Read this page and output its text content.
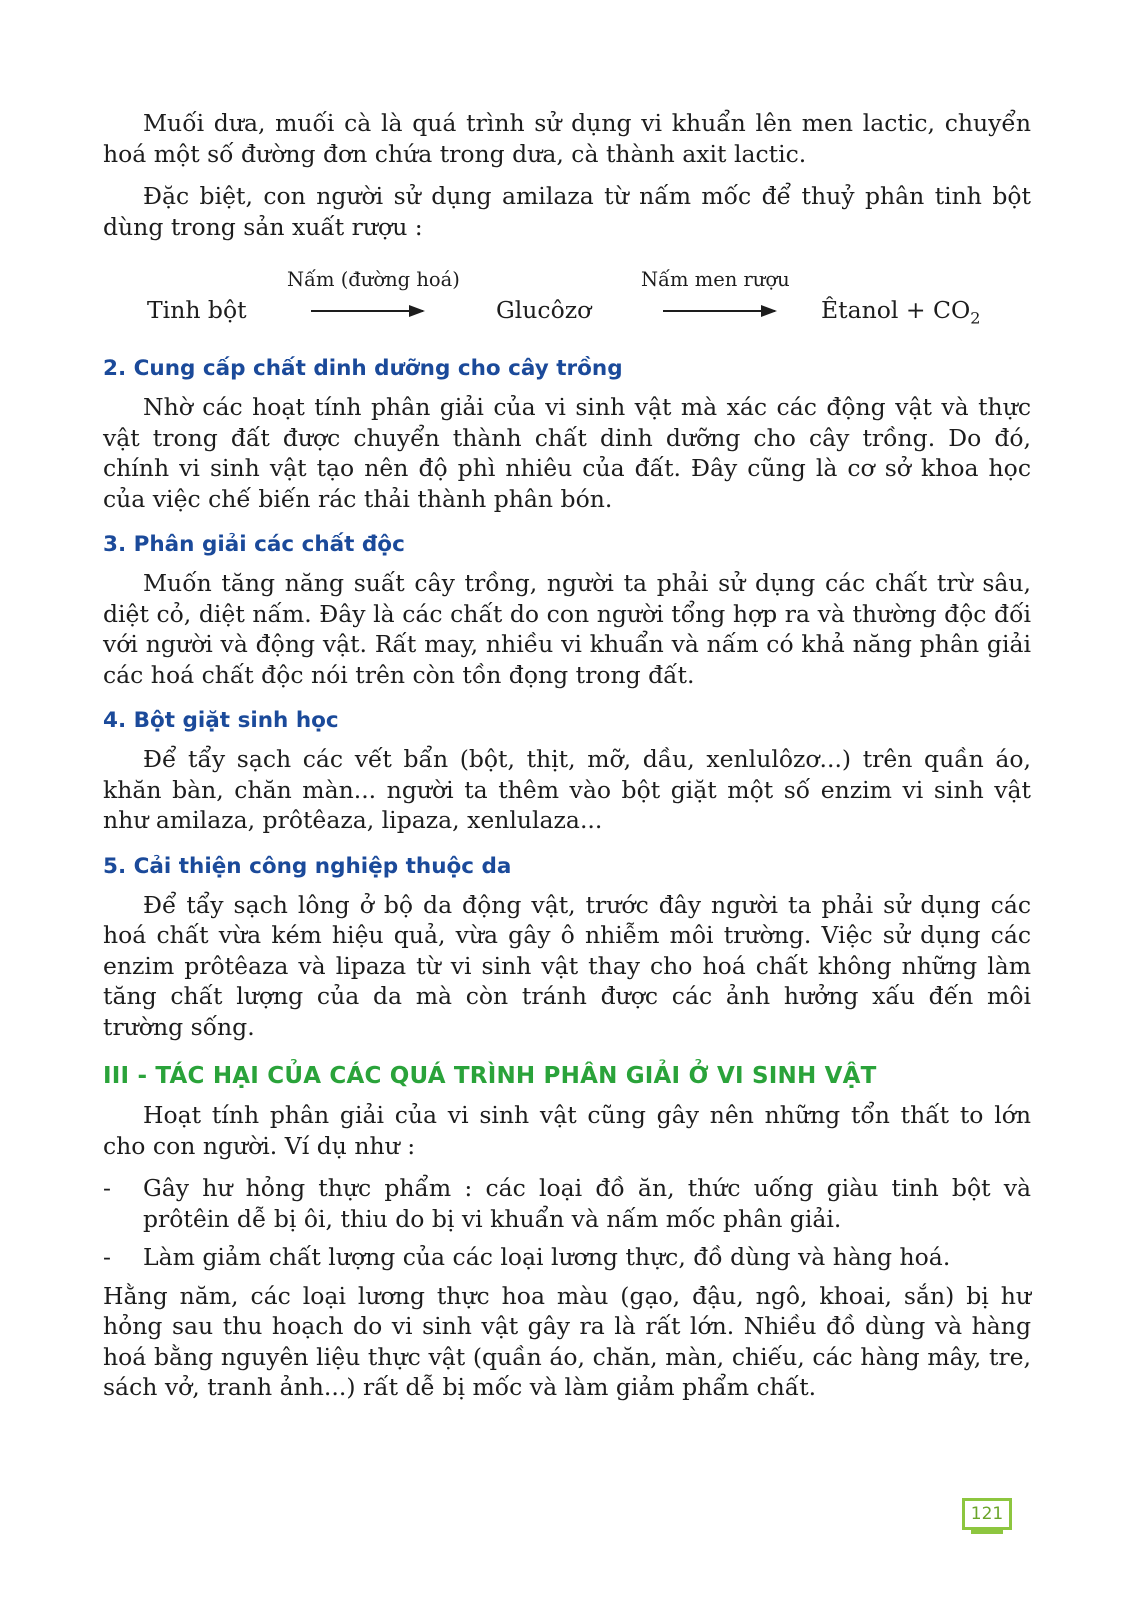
Muối dưa, muối cà là quá trình sử dụng vi khuẩn lên men lactic, chuyển hoá một số đường đơn chứa trong dưa, cà thành axit lactic.

Đặc biệt, con người sử dụng amilaza từ nấm mốc để thuỷ phân tinh bột dùng trong sản xuất rượu :

Tinh bột
Nấm (đường hoá)
Glucôzơ
Nấm men rượu
Êtanol + $CO_2$
2. Cung cấp chất dinh dưỡng cho cây trồng

Nhờ các hoạt tính phân giải của vi sinh vật mà xác các động vật và thực vật trong đất được chuyển thành chất dinh dưỡng cho cây trồng. Do đó, chính vi sinh vật tạo nên độ phì nhiêu của đất. Đây cũng là cơ sở khoa học của việc chế biến rác thải thành phân bón.

3. Phân giải các chất độc

Muốn tăng năng suất cây trồng, người ta phải sử dụng các chất trừ sâu, diệt cỏ, diệt nấm. Đây là các chất do con người tổng hợp ra và thường độc đối với người và động vật. Rất may, nhiều vi khuẩn và nấm có khả năng phân giải các hoá chất độc nói trên còn tồn đọng trong đất.

4. Bột giặt sinh học

Để tẩy sạch các vết bẩn (bột, thịt, mỡ, dầu, xenlulôzơ...) trên quần áo, khăn bàn, chăn màn... người ta thêm vào bột giặt một số enzim vi sinh vật như amilaza, prôtêaza, lipaza, xenlulaza...

5. Cải thiện công nghiệp thuộc da

Để tẩy sạch lông ở bộ da động vật, trước đây người ta phải sử dụng các hoá chất vừa kém hiệu quả, vừa gây ô nhiễm môi trường. Việc sử dụng các enzim prôtêaza và lipaza từ vi sinh vật thay cho hoá chất không những làm tăng chất lượng của da mà còn tránh được các ảnh hưởng xấu đến môi trường sống.

III - TÁC HẠI CỦA CÁC QUÁ TRÌNH PHÂN GIẢI Ở VI SINH VẬT

Hoạt tính phân giải của vi sinh vật cũng gây nên những tổn thất to lớn cho con người. Ví dụ như :

- Gây hư hỏng thực phẩm : các loại đồ ăn, thức uống giàu tinh bột và prôtêin dễ bị ôi, thiu do bị vi khuẩn và nấm mốc phân giải.
- Làm giảm chất lượng của các loại lương thực, đồ dùng và hàng hoá.

Hằng năm, các loại lương thực hoa màu (gạo, đậu, ngô, khoai, sắn) bị hư hỏng sau thu hoạch do vi sinh vật gây ra là rất lớn. Nhiều đồ dùng và hàng hoá bằng nguyên liệu thực vật (quần áo, chăn, màn, chiếu, các hàng mây, tre, sách vở, tranh ảnh...) rất dễ bị mốc và làm giảm phẩm chất.

121
